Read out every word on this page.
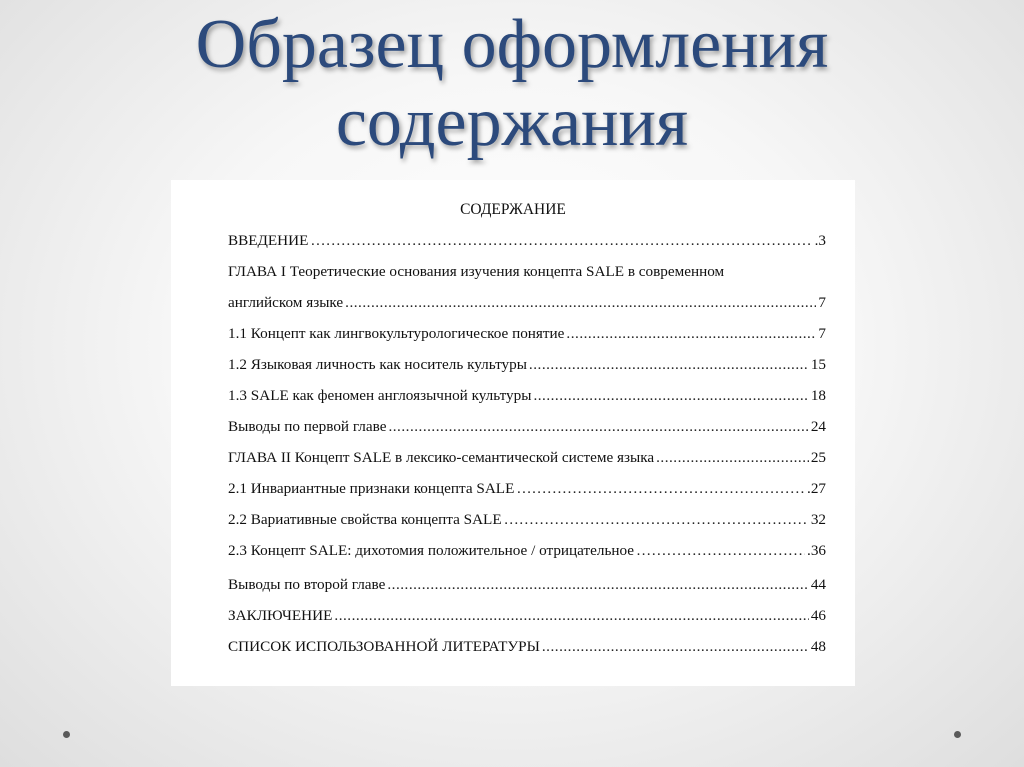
Образец оформления
содержания
СОДЕРЖАНИЕ
ВВЕДЕНИЕ ………………………………………………………………………………………………………………………………………………………	.3
ГЛАВА I Теоретические основания изучения концепта SALE в современном
английском языке .....	7
1.1 Концепт как лингвокультурологическое понятие .....	7
1.2 Языковая личность как носитель культуры .....	15
1.3 SALE как феномен англоязычной культуры .....	18
Выводы по первой главе .....	24
ГЛАВА II Концепт SALE в лексико-семантической системе языка .....	25
2.1 Инвариантные признаки концепта SALE ………………………………………………………………………………………………………………………………………………………	.27
2.2 Вариативные свойства концепта SALE ………………………………………………………………………………………………………………………………………………………	32
2.3 Концепт SALE: дихотомия положительное / отрицательное ………………………………………………………………………………………………………………………………………………………	.36
Выводы по второй главе .....	44
ЗАКЛЮЧЕНИЕ .....	46
СПИСОК ИСПОЛЬЗОВАННОЙ ЛИТЕРАТУРЫ .....	48
